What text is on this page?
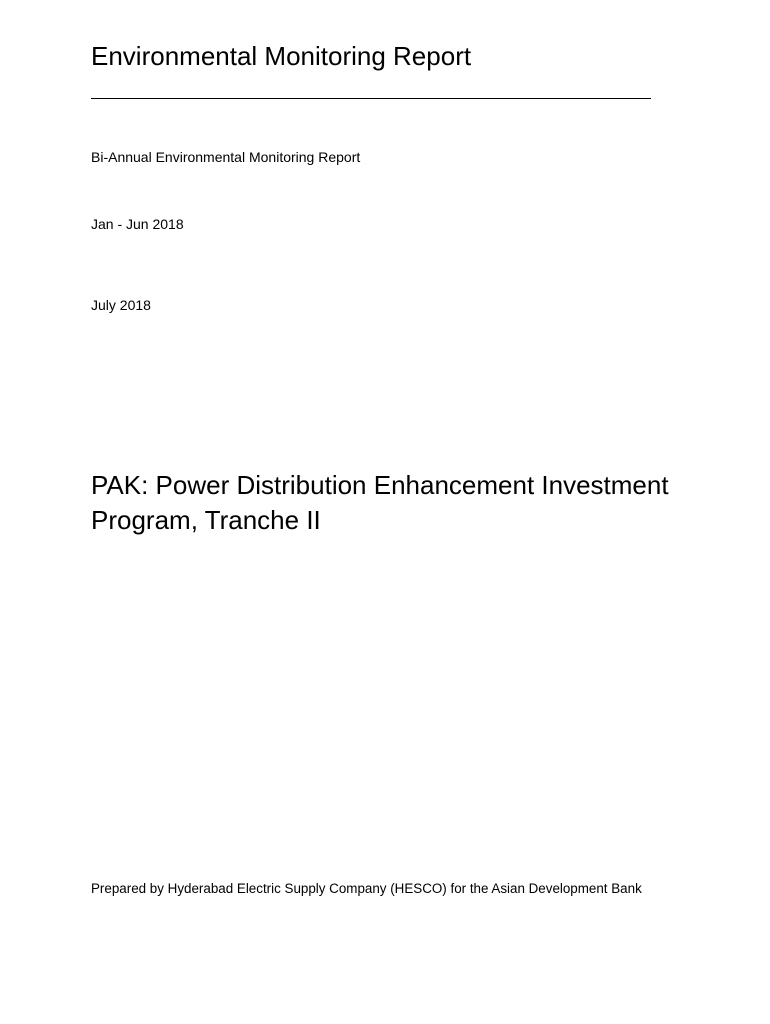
Environmental Monitoring Report
Bi-Annual Environmental Monitoring Report
Jan - Jun 2018
July 2018
PAK: Power Distribution Enhancement Investment
Program, Tranche II
Prepared by Hyderabad Electric Supply Company (HESCO) for the Asian Development Bank
